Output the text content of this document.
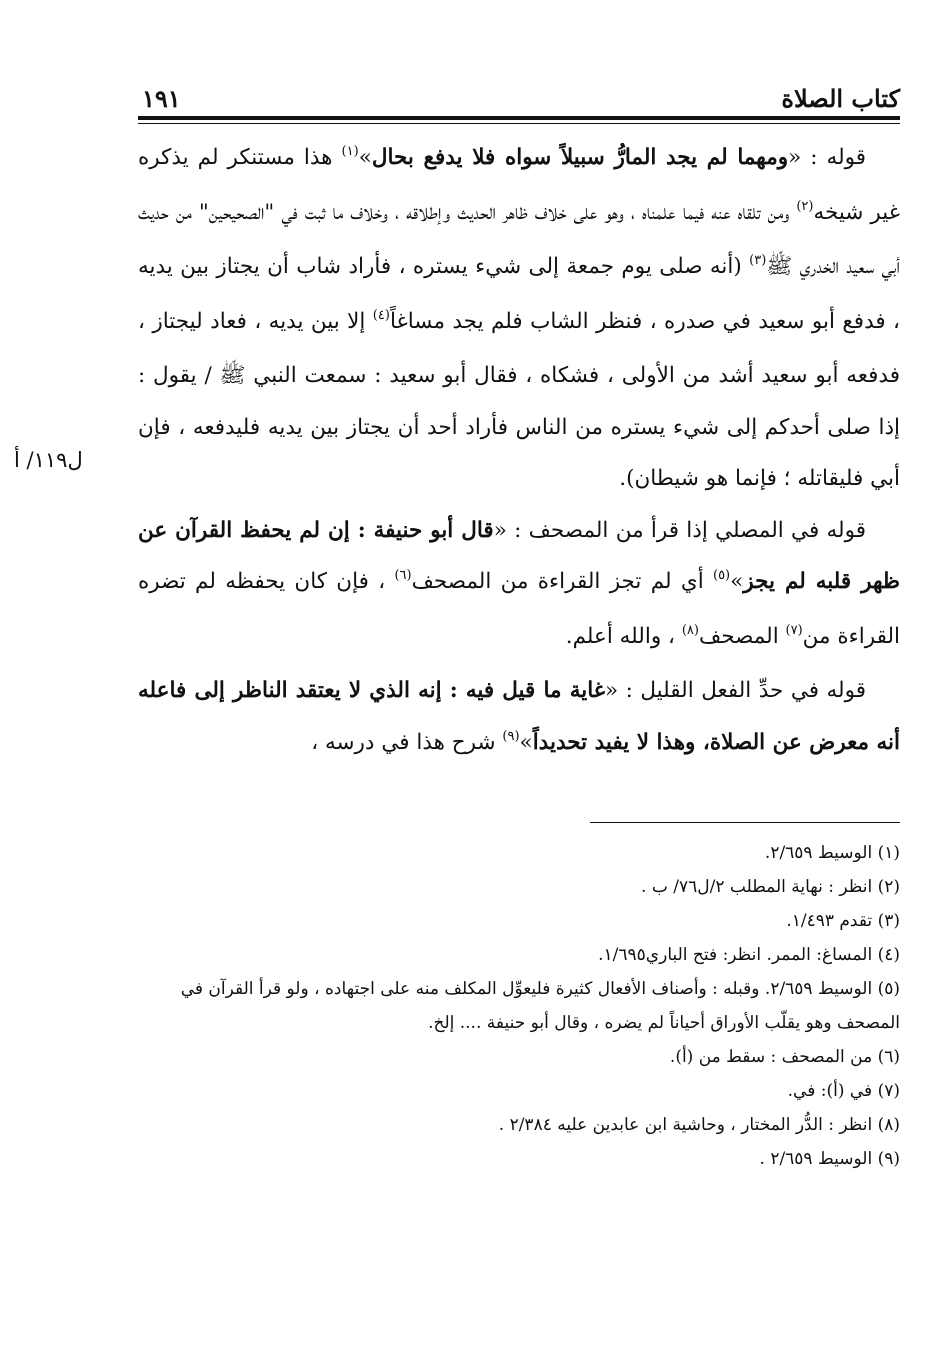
كتاب الصلاة
١٩١
ل١١٩/ أ

قوله : «ومهما لم يجد المارُّ سبيلاً سواه فلا يدفع بحال»$^{(١)}$ هذا مستنكر لم يذكره غير شيخه$^{(٢)}$ ومن تلقاه عنه فيما علمناه ، وهو على خلاف ظاهر الحديث وإطلاقه ، وخلاف ما ثبت في "الصحيحين" من حديث أبي سعيد الخدري ﷺ$^{(٣)}$ (أنه صلى يوم جمعة إلى شيء يستره ، فأراد شاب أن يجتاز بين يديه ، فدفع أبو سعيد في صدره ، فنظر الشاب فلم يجد مساغاً$^{(٤)}$ إلا بين يديه ، فعاد ليجتاز ، فدفعه أبو سعيد أشد من الأولى ، فشكاه ، فقال أبو سعيد : سمعت النبي ﷺ / يقول : إذا صلى أحدكم إلى شيء يستره من الناس فأراد أحد أن يجتاز بين يديه فليدفعه ، فإن أبي فليقاتله ؛ فإنما هو شيطان).

قوله في المصلي إذا قرأ من المصحف : «قال أبو حنيفة : إن لم يحفظ القرآن عن ظهر قلبه لم يجز»$^{(٥)}$ أي لم تجز القراءة من المصحف$^{(٦)}$ ، فإن كان يحفظه لم تضره القراءة من$^{(٧)}$ المصحف$^{(٨)}$ ، والله أعلم.

قوله في حدِّ الفعل القليل : «غاية ما قيل فيه : إنه الذي لا يعتقد الناظر إلى فاعله أنه معرض عن الصلاة، وهذا لا يفيد تحديداً»$^{(٩)}$ شرح هذا في درسه ،

(١) الوسيط ٢/٦٥٩.
(٢) انظر : نهاية المطلب ٢/ل٧٦/ ب .
(٣) تقدم ١/٤٩٣.
(٤) المساغ: الممر. انظر: فتح الباري١/٦٩٥.
(٥) الوسيط ٢/٦٥٩. وقبله : وأصناف الأفعال كثيرة فليعوِّل المكلف منه على اجتهاده ، ولو قرأ القرآن في المصحف وهو يقلّب الأوراق أحياناً لم يضره ، وقال أبو حنيفة .... إلخ.
(٦) من المصحف : سقط من (أ).
(٧) في (أ): في.
(٨) انظر : الدُّر المختار ، وحاشية ابن عابدين عليه ٢/٣٨٤ .
(٩) الوسيط ٢/٦٥٩ .
